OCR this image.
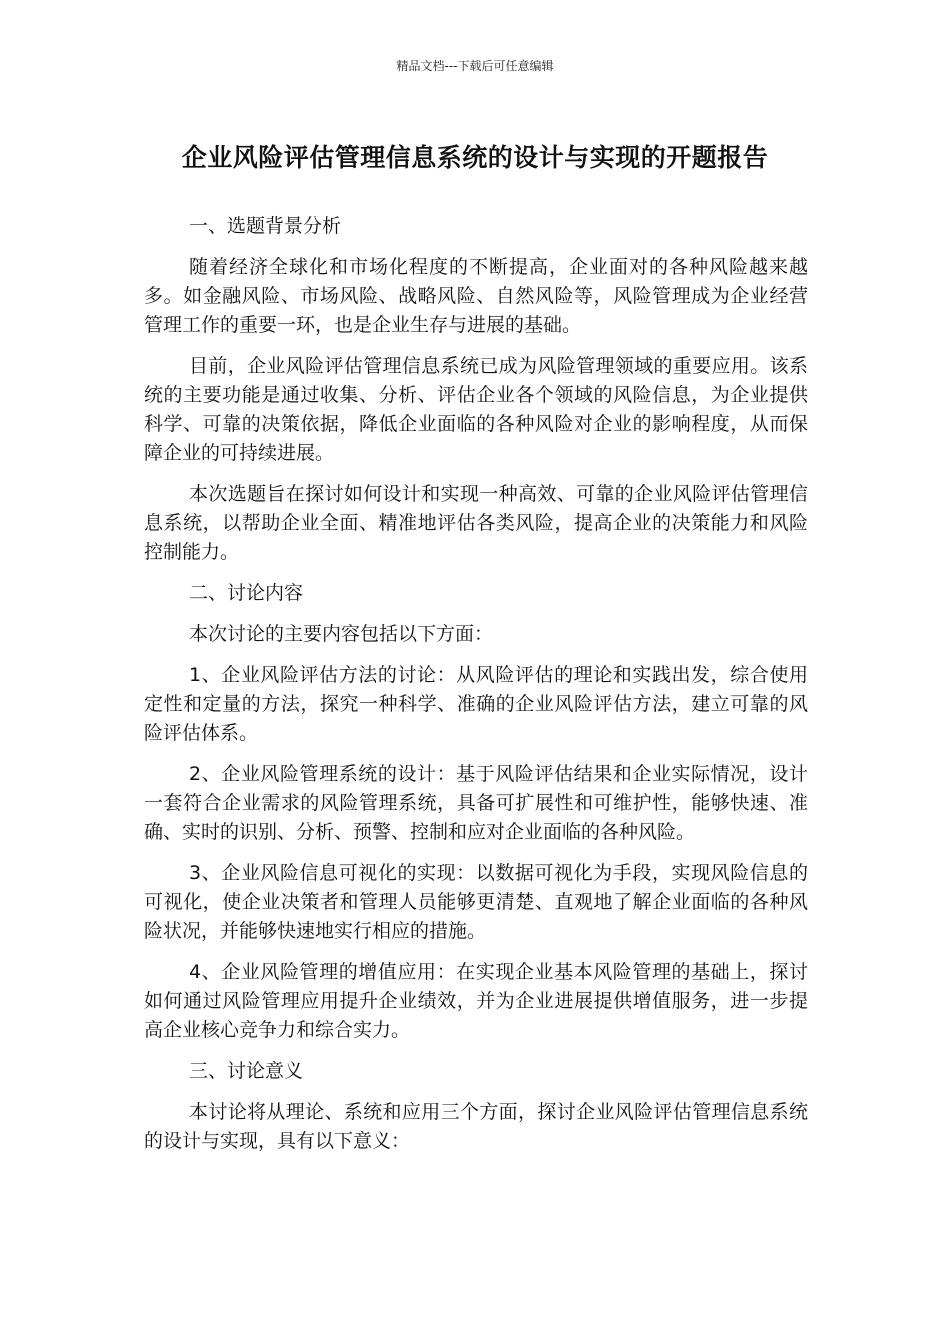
精品文档---下载后可任意编辑
企业风险评估管理信息系统的设计与实现的开题报告

一、选题背景分析

随着经济全球化和市场化程度的不断提高，企业面对的各种风险越来越多。如金融风险、市场风险、战略风险、自然风险等，风险管理成为企业经营管理工作的重要一环，也是企业生存与进展的基础。

目前，企业风险评估管理信息系统已成为风险管理领域的重要应用。该系统的主要功能是通过收集、分析、评估企业各个领域的风险信息，为企业提供科学、可靠的决策依据，降低企业面临的各种风险对企业的影响程度，从而保障企业的可持续进展。

本次选题旨在探讨如何设计和实现一种高效、可靠的企业风险评估管理信息系统，以帮助企业全面、精准地评估各类风险，提高企业的决策能力和风险控制能力。

二、讨论内容

本次讨论的主要内容包括以下方面：

1、企业风险评估方法的讨论：从风险评估的理论和实践出发，综合使用定性和定量的方法，探究一种科学、准确的企业风险评估方法，建立可靠的风险评估体系。

2、企业风险管理系统的设计：基于风险评估结果和企业实际情况，设计一套符合企业需求的风险管理系统，具备可扩展性和可维护性，能够快速、准确、实时的识别、分析、预警、控制和应对企业面临的各种风险。

3、企业风险信息可视化的实现：以数据可视化为手段，实现风险信息的可视化，使企业决策者和管理人员能够更清楚、直观地了解企业面临的各种风险状况，并能够快速地实行相应的措施。

4、企业风险管理的增值应用：在实现企业基本风险管理的基础上，探讨如何通过风险管理应用提升企业绩效，并为企业进展提供增值服务，进一步提高企业核心竞争力和综合实力。

三、讨论意义

本讨论将从理论、系统和应用三个方面，探讨企业风险评估管理信息系统的设计与实现，具有以下意义：
